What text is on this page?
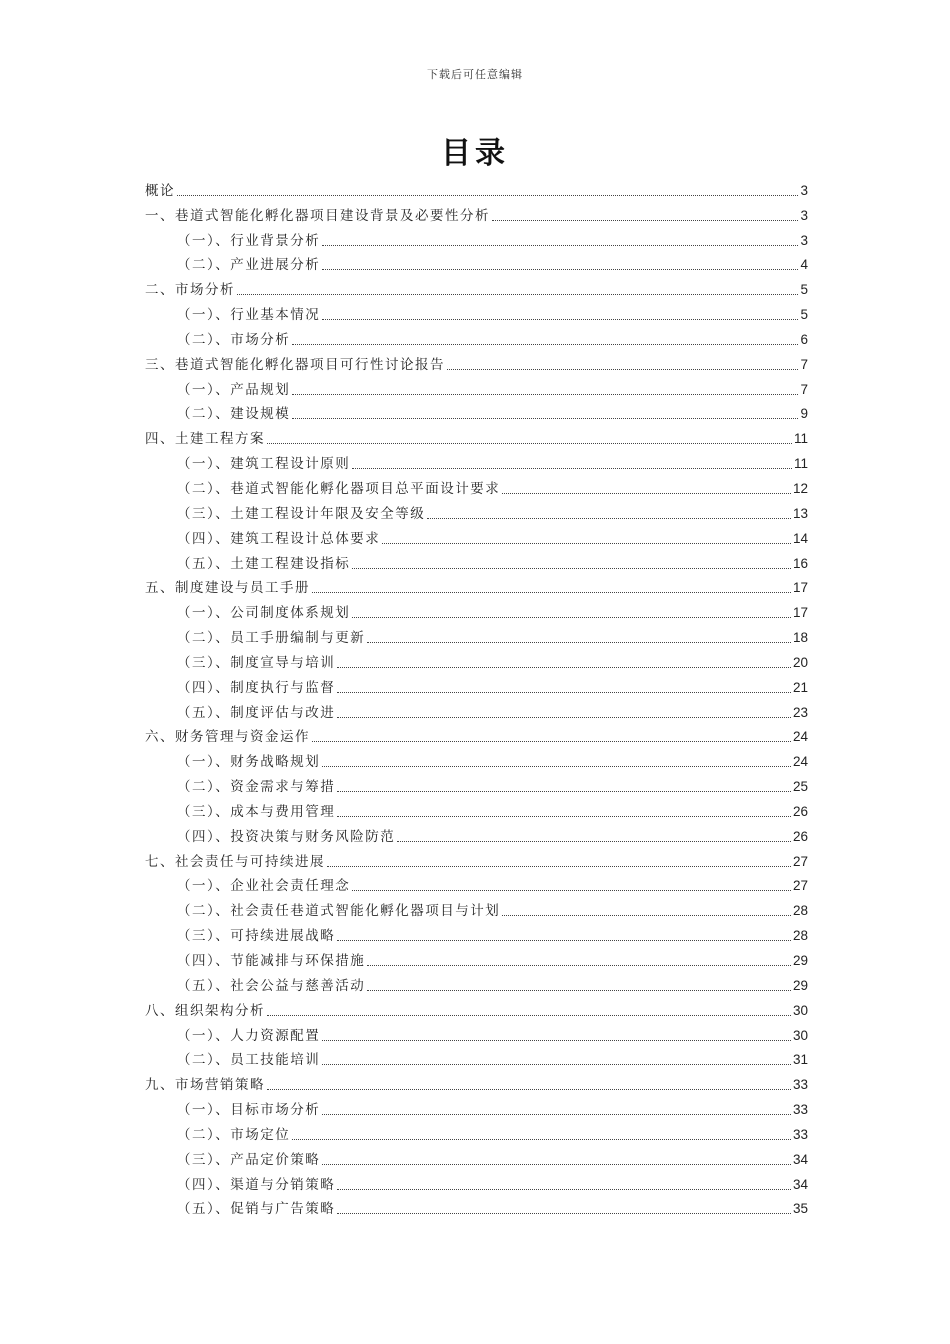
下载后可任意编辑
目录
概论	3
一、巷道式智能化孵化器项目建设背景及必要性分析	3
（一）、行业背景分析	3
（二）、产业进展分析	4
二、市场分析	5
（一）、行业基本情况	5
（二）、市场分析	6
三、巷道式智能化孵化器项目可行性讨论报告	7
（一）、产品规划	7
（二）、建设规模	9
四、土建工程方案	11
（一）、建筑工程设计原则	11
（二）、巷道式智能化孵化器项目总平面设计要求	12
（三）、土建工程设计年限及安全等级	13
（四）、建筑工程设计总体要求	14
（五）、土建工程建设指标	16
五、制度建设与员工手册	17
（一）、公司制度体系规划	17
（二）、员工手册编制与更新	18
（三）、制度宣导与培训	20
（四）、制度执行与监督	21
（五）、制度评估与改进	23
六、财务管理与资金运作	24
（一）、财务战略规划	24
（二）、资金需求与筹措	25
（三）、成本与费用管理	26
（四）、投资决策与财务风险防范	26
七、社会责任与可持续进展	27
（一）、企业社会责任理念	27
（二）、社会责任巷道式智能化孵化器项目与计划	28
（三）、可持续进展战略	28
（四）、节能减排与环保措施	29
（五）、社会公益与慈善活动	29
八、组织架构分析	30
（一）、人力资源配置	30
（二）、员工技能培训	31
九、市场营销策略	33
（一）、目标市场分析	33
（二）、市场定位	33
（三）、产品定价策略	34
（四）、渠道与分销策略	34
（五）、促销与广告策略	35
